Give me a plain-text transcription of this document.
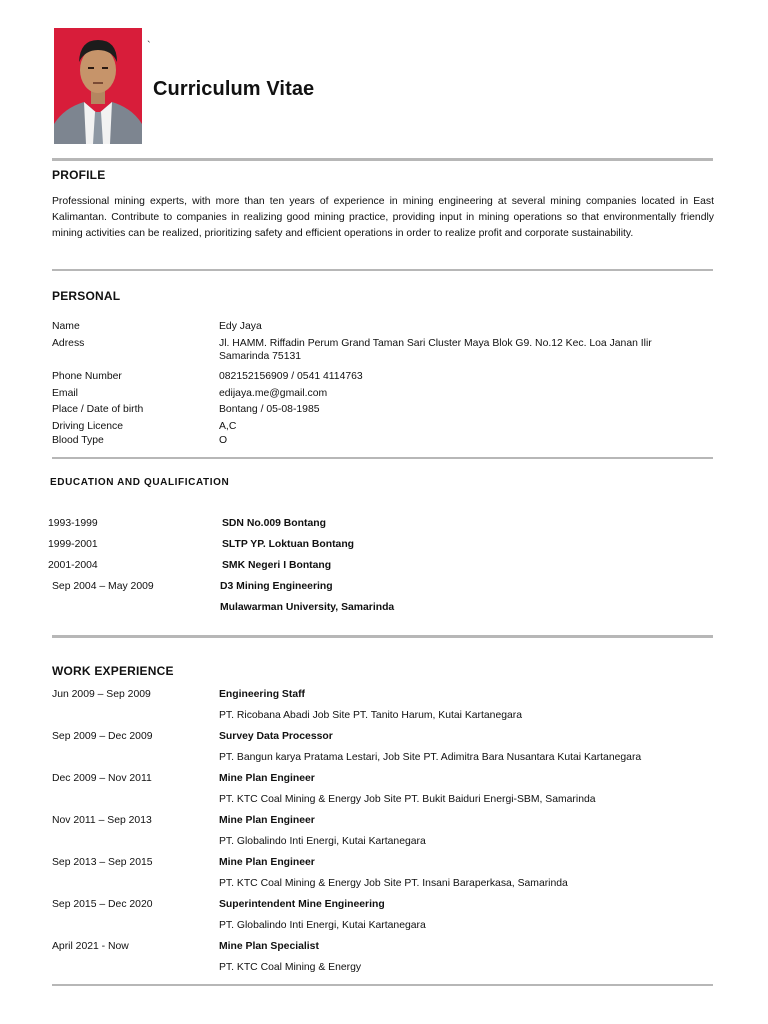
`
Curriculum Vitae
PROFILE
Professional mining experts, with more than ten years of experience in mining engineering at several mining companies located in East Kalimantan. Contribute to companies in realizing good mining practice, providing input in mining operations so that environmentally friendly mining activities can be realized, prioritizing safety and efficient operations in order to realize profit and corporate sustainability.
PERSONAL
Name	Edy Jaya
Adress	Jl. HAMM. Riffadin Perum Grand Taman Sari Cluster Maya Blok G9. No.12 Kec. Loa Janan Ilir
Samarinda 75131
Phone Number	082152156909 / 0541 4114763
Email	edijaya.me@gmail.com
Place / Date of birth	Bontang / 05-08-1985
Driving Licence	A,C
Blood Type	O
EDUCATION AND QUALIFICATION
1993-1999	SDN No.009 Bontang
1999-2001	SLTP YP. Loktuan Bontang
2001-2004	SMK Negeri I Bontang
Sep 2004 – May 2009	D3 Mining Engineering
Mulawarman University, Samarinda
WORK EXPERIENCE
Jun 2009 – Sep 2009	Engineering Staff
PT. Ricobana Abadi Job Site PT. Tanito Harum, Kutai Kartanegara
Sep 2009 – Dec 2009	Survey Data Processor
PT. Bangun karya Pratama Lestari, Job Site PT. Adimitra Bara Nusantara Kutai Kartanegara
Dec 2009 – Nov 2011	Mine Plan Engineer
PT. KTC Coal Mining & Energy Job Site PT. Bukit Baiduri Energi-SBM, Samarinda
Nov 2011 – Sep 2013	Mine Plan Engineer
PT. Globalindo Inti Energi, Kutai Kartanegara
Sep 2013 – Sep 2015	Mine Plan Engineer
PT. KTC Coal Mining & Energy Job Site PT. Insani Baraperkasa, Samarinda
Sep 2015 – Dec 2020	Superintendent Mine Engineering
PT. Globalindo Inti Energi, Kutai Kartanegara
April 2021 - Now	Mine Plan Specialist
PT. KTC Coal Mining & Energy
